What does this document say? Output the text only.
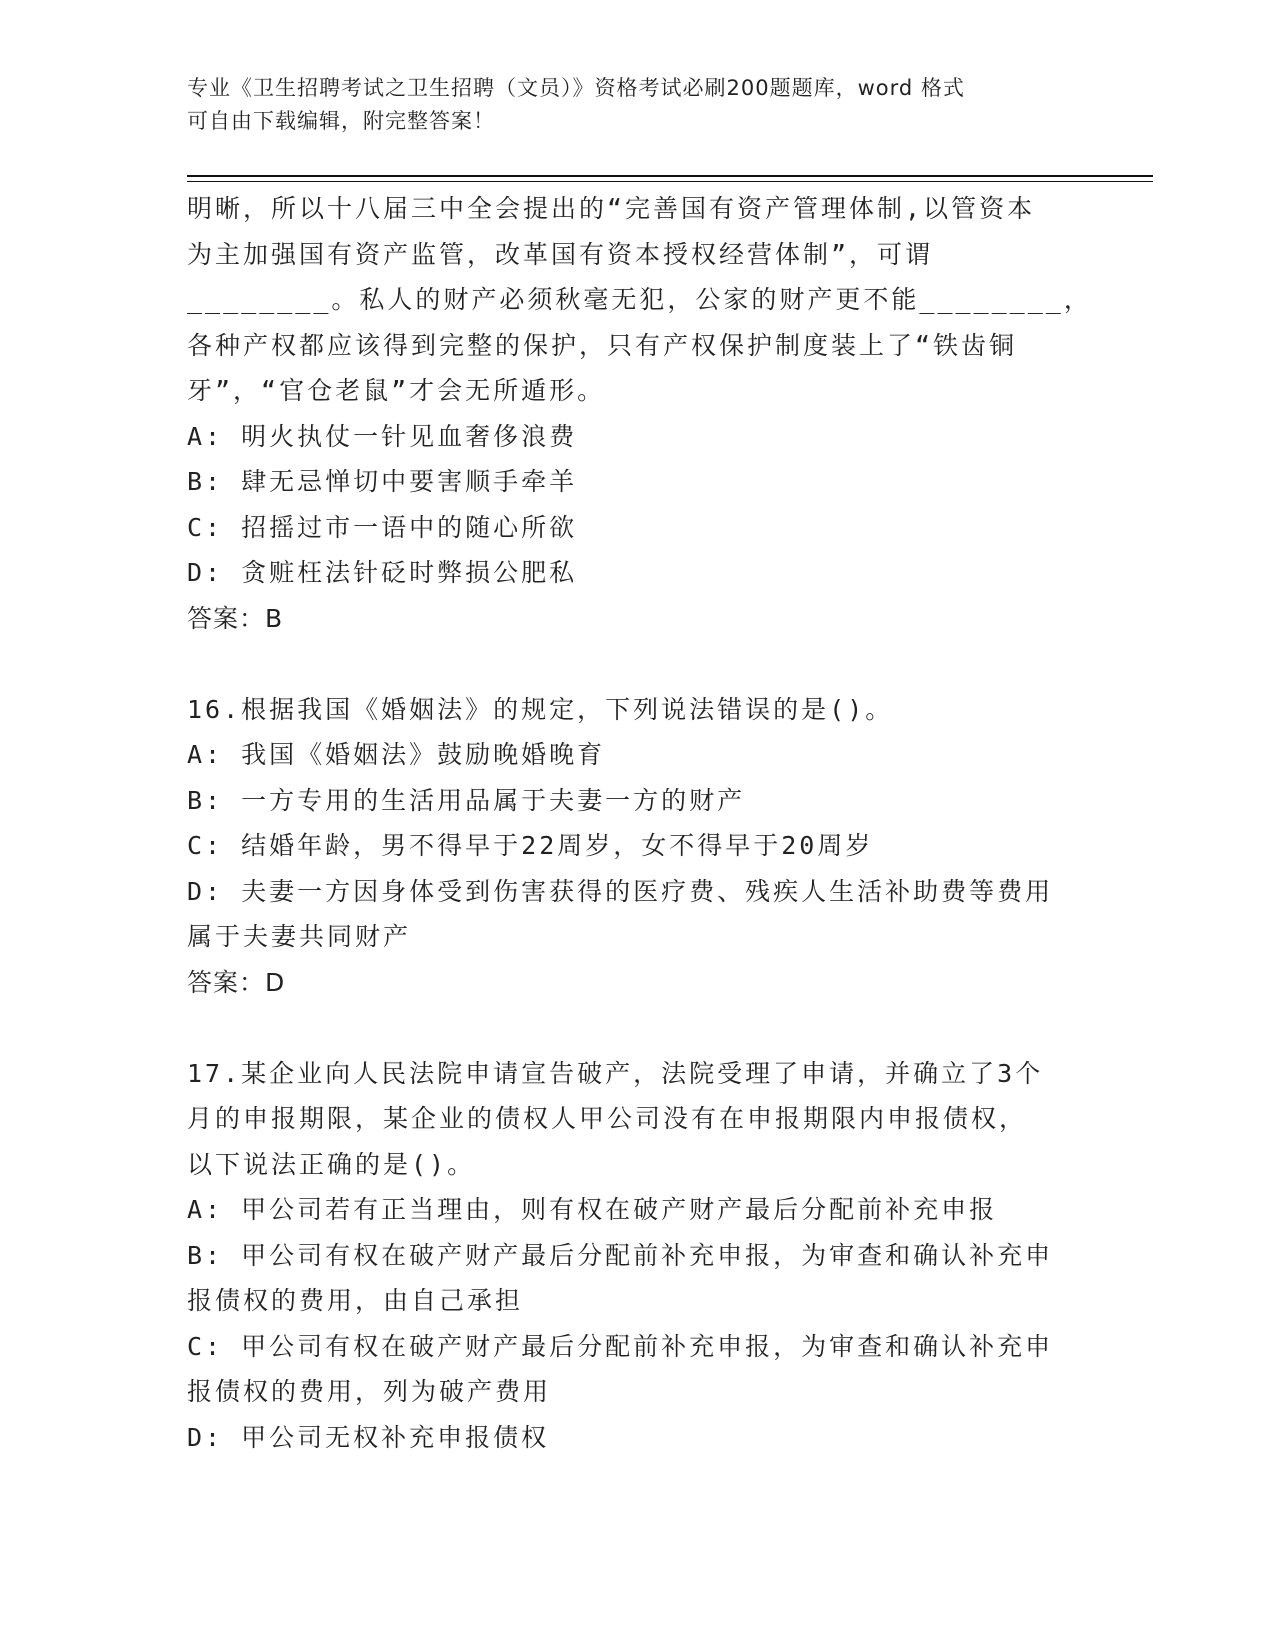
专业《卫生招聘考试之卫生招聘（文员）》资格考试必刷200题题库，word 格式
可自由下载编辑，附完整答案！
明晰，所以十八届三中全会提出的“完善国有资产管理体制,以管资本
为主加强国有资产监管，改革国有资本授权经营体制”，可谓
________。私人的财产必须秋毫无犯，公家的财产更不能________，
各种产权都应该得到完整的保护，只有产权保护制度装上了“铁齿铜
牙”，“官仓老鼠”才会无所遁形。
A: 明火执仗一针见血奢侈浪费
B: 肆无忌惮切中要害顺手牵羊
C: 招摇过市一语中的随心所欲
D: 贪赃枉法针砭时弊损公肥私
答案：B
16.根据我国《婚姻法》的规定，下列说法错误的是()。
A: 我国《婚姻法》鼓励晚婚晚育
B: 一方专用的生活用品属于夫妻一方的财产
C: 结婚年龄，男不得早于22周岁，女不得早于20周岁
D: 夫妻一方因身体受到伤害获得的医疗费、残疾人生活补助费等费用
属于夫妻共同财产
答案：D
17.某企业向人民法院申请宣告破产，法院受理了申请，并确立了3个
月的申报期限，某企业的债权人甲公司没有在申报期限内申报债权，
以下说法正确的是()。
A: 甲公司若有正当理由，则有权在破产财产最后分配前补充申报
B: 甲公司有权在破产财产最后分配前补充申报，为审查和确认补充申
报债权的费用，由自己承担
C: 甲公司有权在破产财产最后分配前补充申报，为审查和确认补充申
报债权的费用，列为破产费用
D: 甲公司无权补充申报债权
